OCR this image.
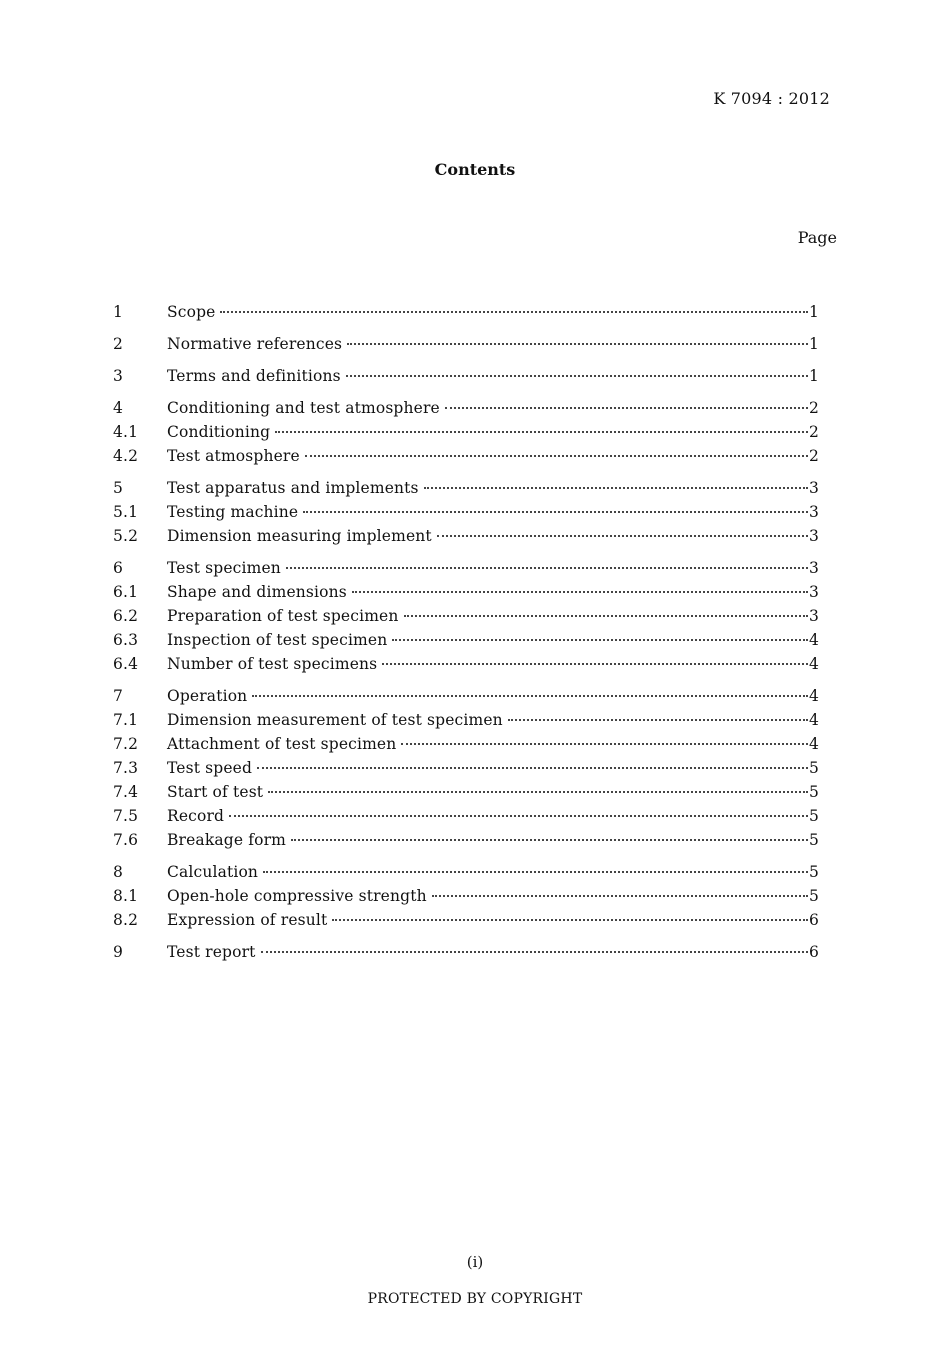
K 7094 : 2012
Contents
Page
1	Scope	1
2	Normative references	1
3	Terms and definitions	1
4	Conditioning and test atmosphere	2
4.1	Conditioning	2
4.2	Test atmosphere	2
5	Test apparatus and implements	3
5.1	Testing machine	3
5.2	Dimension measuring implement	3
6	Test specimen	3
6.1	Shape and dimensions	3
6.2	Preparation of test specimen	3
6.3	Inspection of test specimen	4
6.4	Number of test specimens	4
7	Operation	4
7.1	Dimension measurement of test specimen	4
7.2	Attachment of test specimen	4
7.3	Test speed	5
7.4	Start of test	5
7.5	Record	5
7.6	Breakage form	5
8	Calculation	5
8.1	Open-hole compressive strength	5
8.2	Expression of result	6
9	Test report	6
(i)
PROTECTED BY COPYRIGHT
